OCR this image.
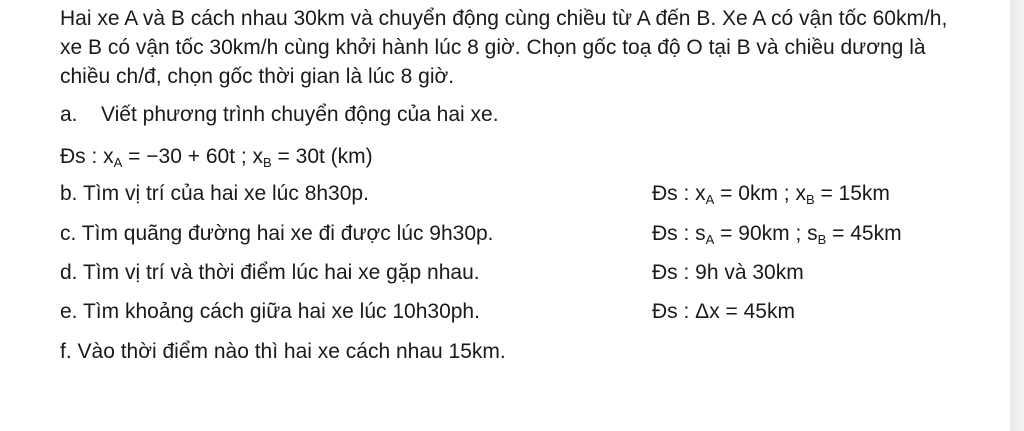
Hai xe A và B cách nhau 30km và chuyển động cùng chiều từ A đến B. Xe A có vận tốc 60km/h, xe B có vận tốc 30km/h cùng khởi hành lúc 8 giờ. Chọn gốc toạ độ O tại B và chiều dương là chiều ch/đ, chọn gốc thời gian là lúc 8 giờ.
a. Viết phương trình chuyển động của hai xe.
Đs : $x_A = -30 + 60t$ ; $x_B = 30t$ (km)
b. Tìm vị trí của hai xe lúc 8h30p.	Đs : $x_A = 0km$ ; $x_B = 15km$
c. Tìm quãng đường hai xe đi được lúc 9h30p.	Đs : $s_A = 90km$ ; $s_B = 45km$
d. Tìm vị trí và thời điểm lúc hai xe gặp nhau.	Đs : 9h và 30km
e. Tìm khoảng cách giữa hai xe lúc 10h30ph.	Đs : Δx = 45km
f. Vào thời điểm nào thì hai xe cách nhau 15km.
